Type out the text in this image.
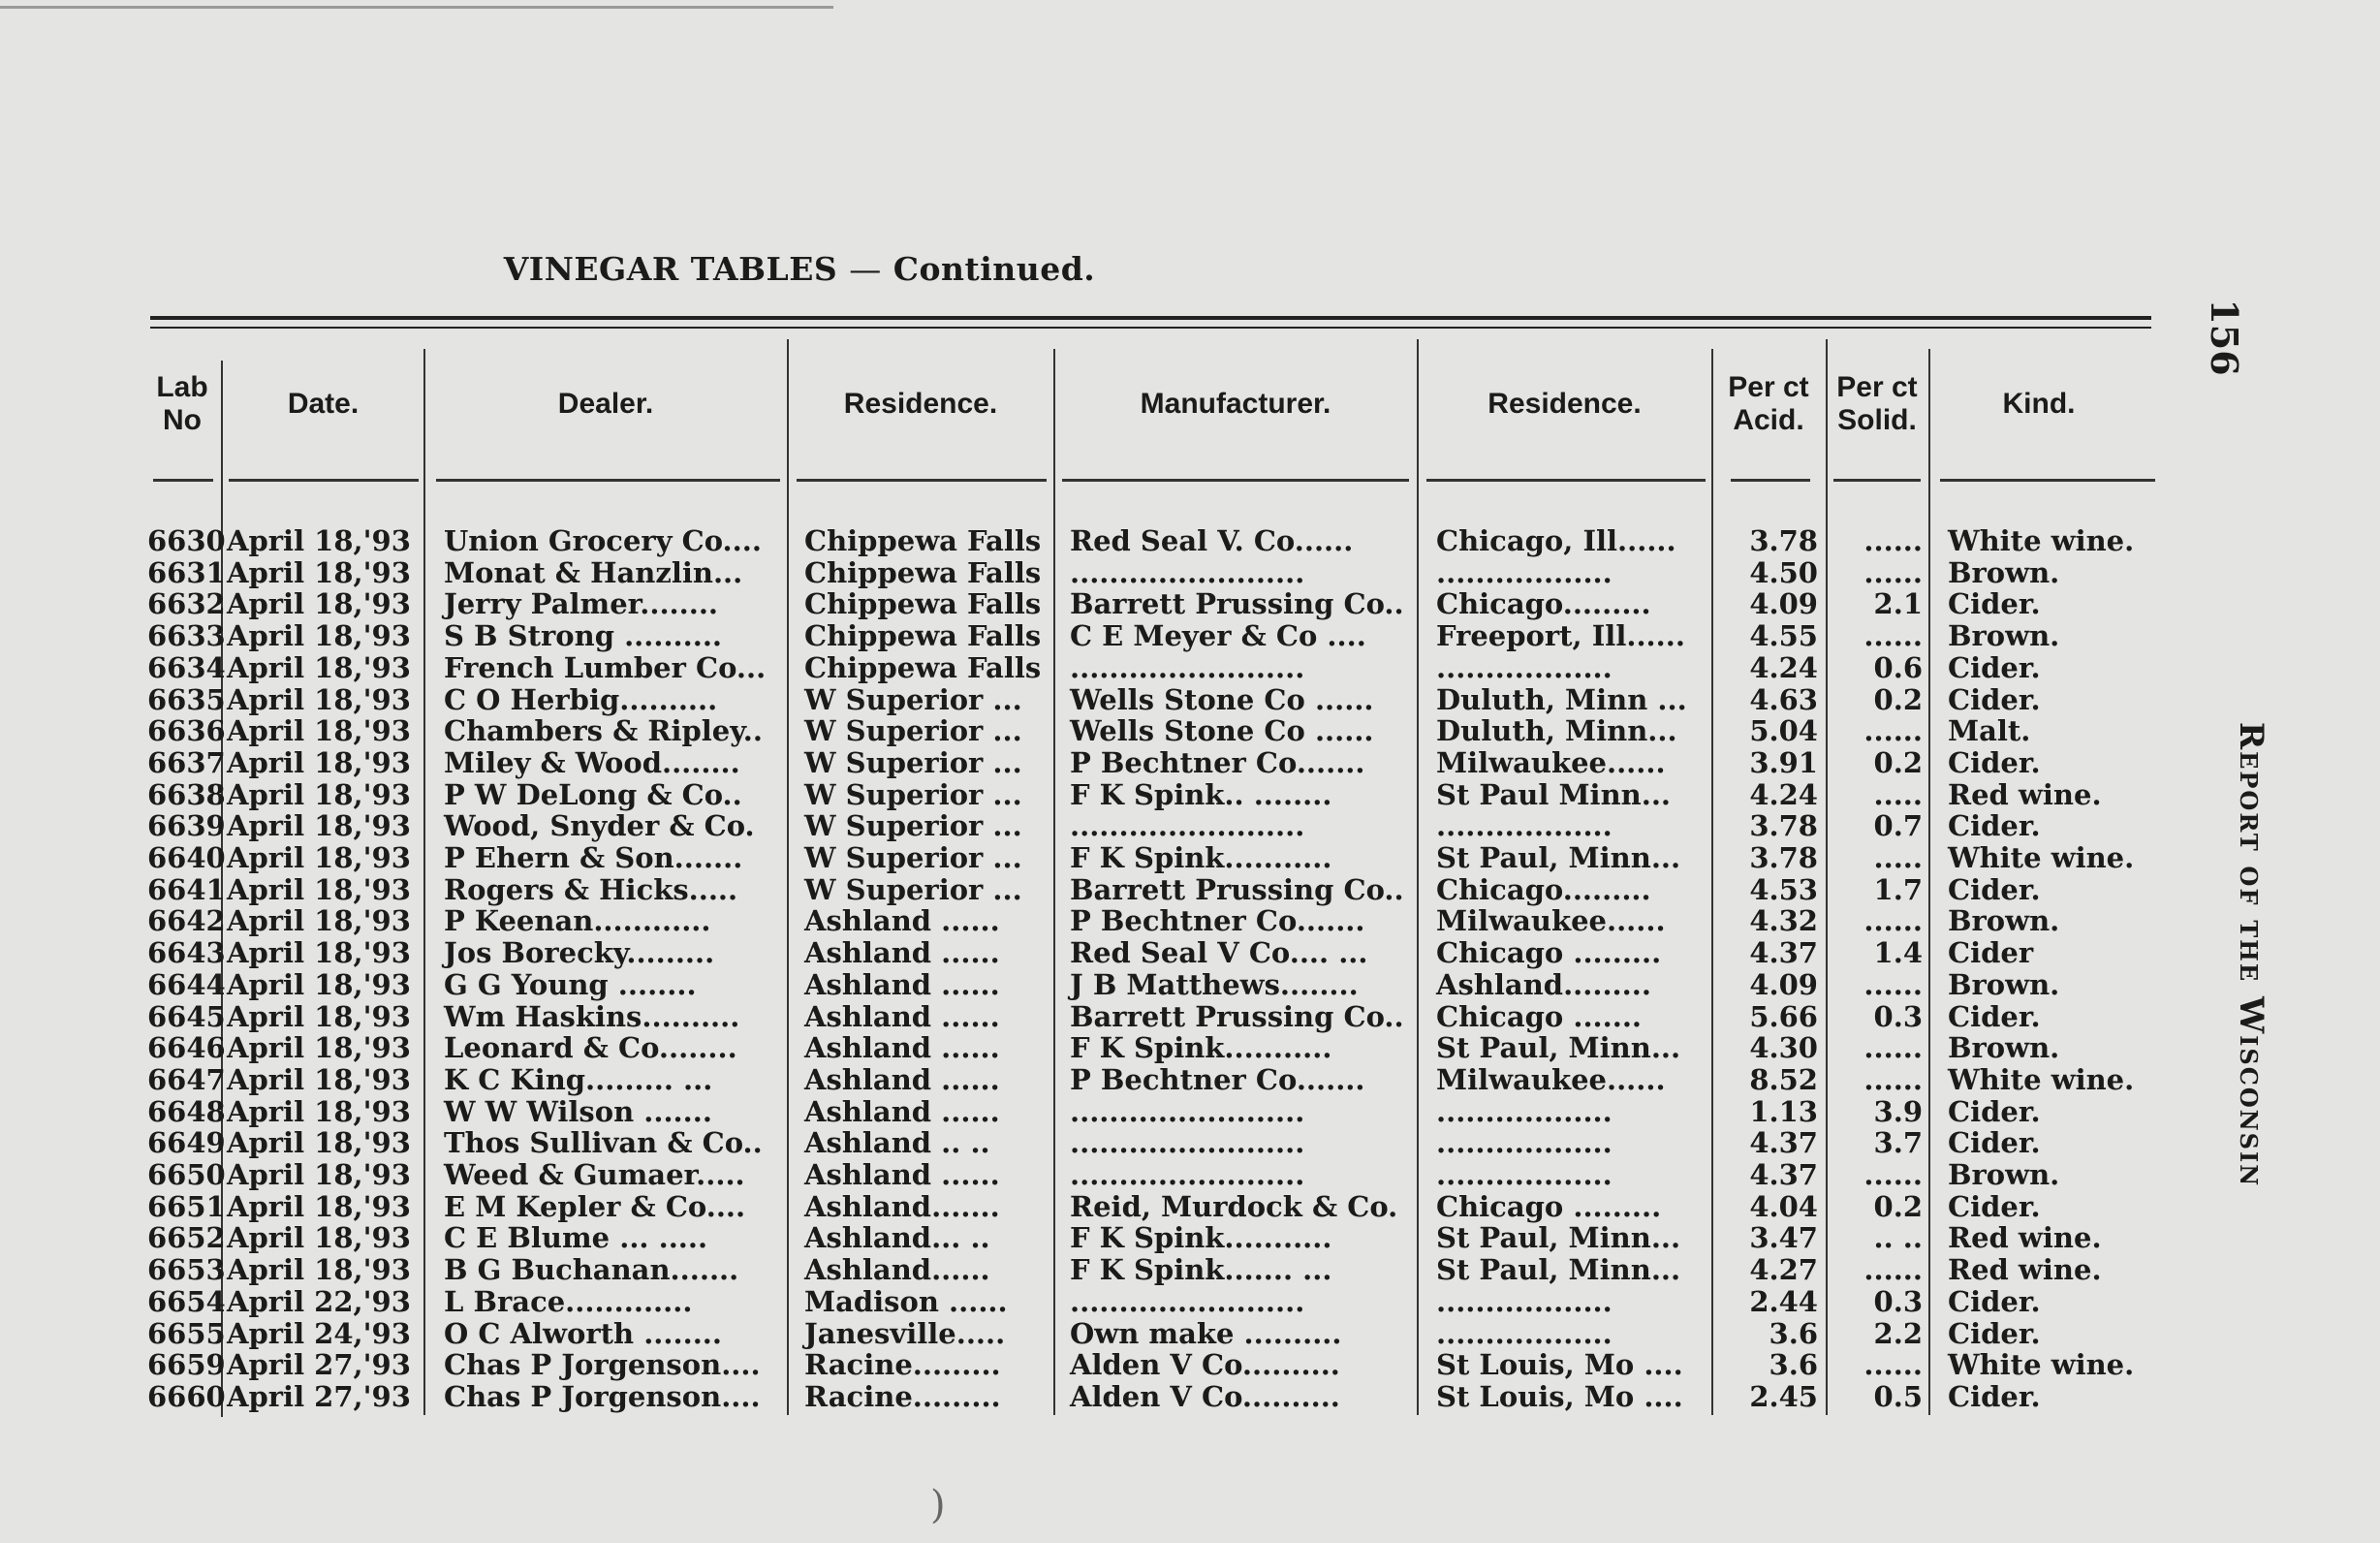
VINEGAR TABLES — Continued.
156
Report of the Wisconsin
Lab No
Date.	Dealer.	Residence.	Manufacturer.	Residence.
Per ct Acid.
Per ct Solid.
Kind.
6630 April 18,'93	Union Grocery Co....	Chippewa Falls	Red Seal V. Co......	Chicago, Ill......	3.78	...... White wine.
6631 April 18,'93	Monat & Hanzlin...	Chippewa Falls	........................	..................	4.50	...... Brown.
6632 April 18,'93	Jerry Palmer........	Chippewa Falls	Barrett Prussing Co..	Chicago.........	4.09	2.1 Cider.
6633 April 18,'93	S B Strong ..........	Chippewa Falls	C E Meyer & Co ....	Freeport, Ill......	4.55	...... Brown.
6634 April 18,'93	French Lumber Co...	Chippewa Falls	........................	..................	4.24	0.6 Cider.
6635 April 18,'93	C O Herbig..........	W Superior ...	Wells Stone Co ......	Duluth, Minn ...	4.63	0.2 Cider.
6636 April 18,'93	Chambers & Ripley..	W Superior ...	Wells Stone Co ......	Duluth, Minn...	5.04	...... Malt.
6637 April 18,'93	Miley & Wood........	W Superior ...	P Bechtner Co.......	Milwaukee......	3.91	0.2 Cider.
6638 April 18,'93	P W DeLong & Co..	W Superior ...	F K Spink.. ........	St Paul Minn...	4.24	..... Red wine.
6639 April 18,'93	Wood, Snyder & Co.	W Superior ...	........................	..................	3.78	0.7 Cider.
6640 April 18,'93	P Ehern & Son.......	W Superior ...	F K Spink...........	St Paul, Minn...	3.78	..... White wine.
6641 April 18,'93	Rogers & Hicks.....	W Superior ...	Barrett Prussing Co..	Chicago.........	4.53	1.7 Cider.
6642 April 18,'93	P Keenan............	Ashland ......	P Bechtner Co.......	Milwaukee......	4.32	...... Brown.
6643 April 18,'93	Jos Borecky.........	Ashland ......	Red Seal V Co.... ...	Chicago .........	4.37	1.4 Cider
6644 April 18,'93	G G Young ........	Ashland ......	J B Matthews........	Ashland.........	4.09	...... Brown.
6645 April 18,'93	Wm Haskins..........	Ashland ......	Barrett Prussing Co..	Chicago .......	5.66	0.3 Cider.
6646 April 18,'93	Leonard & Co........	Ashland ......	F K Spink...........	St Paul, Minn...	4.30	...... Brown.
6647 April 18,'93	K C King......... ...	Ashland ......	P Bechtner Co.......	Milwaukee......	8.52	...... White wine.
6648 April 18,'93	W W Wilson .......	Ashland ......	........................	..................	1.13	3.9 Cider.
6649 April 18,'93	Thos Sullivan & Co..	Ashland .. ..	........................	..................	4.37	3.7 Cider.
6650 April 18,'93	Weed & Gumaer.....	Ashland ......	........................	..................	4.37	...... Brown.
6651 April 18,'93	E M Kepler & Co....	Ashland.......	Reid, Murdock & Co.	Chicago .........	4.04	0.2 Cider.
6652 April 18,'93	C E Blume ... .....	Ashland... ..	F K Spink...........	St Paul, Minn...	3.47	.. .. Red wine.
6653 April 18,'93	B G Buchanan.......	Ashland......	F K Spink....... ...	St Paul, Minn...	4.27	...... Red wine.
6654 April 22,'93	L Brace.............	Madison ......	........................	..................	2.44	0.3 Cider.
6655 April 24,'93	O C Alworth ........	Janesville.....	Own make ..........	..................	3.6	2.2 Cider.
6659 April 27,'93	Chas P Jorgenson....	Racine.........	Alden V Co..........	St Louis, Mo ....	3.6	...... White wine.
6660 April 27,'93	Chas P Jorgenson....	Racine.........	Alden V Co..........	St Louis, Mo ....	2.45	0.5 Cider.
)
